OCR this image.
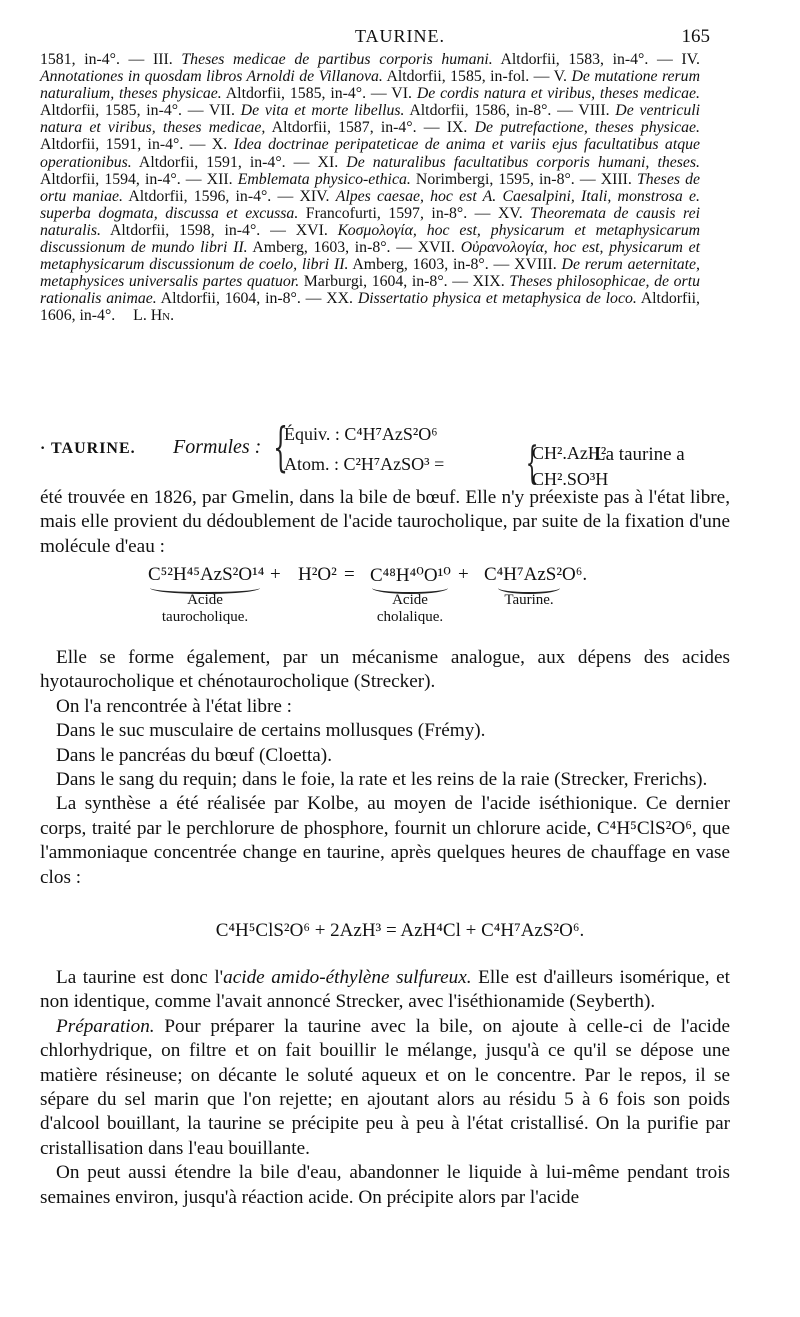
TAURINE.	165
1581, in-4°. — III. Theses medicae de partibus corporis humani. Altdorfii, 1583, in-4°. — IV. Annotationes in quosdam libros Arnoldi de Villanova. Altdorfii, 1585, in-fol. — V. De mutatione rerum naturalium, theses physicae. Altdorfii, 1585, in-4°. — VI. De cordis natura et viribus, theses medicae. Altdorfii, 1585, in-4°. — VII. De vita et morte libellus. Altdorfii, 1586, in-8°. — VIII. De ventriculi natura et viribus, theses medicae, Altdorfii, 1587, in-4°. — IX. De putrefactione, theses physicae. Altdorfii, 1591, in-4°. — X. Idea doctrinae peripateticae de anima et variis ejus facultatibus atque operationibus. Altdorfii, 1591, in-4°. — XI. De naturalibus facultatibus corporis humani, theses. Altdorfii, 1594, in-4°. — XII. Emblemata physico-ethica. Norimbergi, 1595, in-8°. — XIII. Theses de ortu maniae. Altdorfii, 1596, in-4°. — XIV. Alpes caesae, hoc est A. Caesalpini, Itali, monstrosa e. superba dogmata, discussa et excussa. Francofurti, 1597, in-8°. — XV. Theoremata de causis rei naturalis. Altdorfii, 1598, in-4°. — XVI. Κοσμολογία, hoc est, physicarum et metaphysicarum discussionum de mundo libri II. Amberg, 1603, in-8°. — XVII. Οὐρανολογία, hoc est, physicarum et metaphysicarum discussionum de coelo, libri II. Amberg, 1603, in-8°. — XVIII. De rerum aeternitate, metaphysices universalis partes quatuor. Marburgi, 1604, in-8°. — XIX. Theses philosophicae, de ortu rationalis animae. Altdorfii, 1604, in-8°. — XX. Dissertatio physica et metaphysica de loco. Altdorfii, 1606, in-4°. L. Hn.
· TAURINE. Formules : {
Équiv. : C⁴H⁷AzS²O⁶
Atom. : C²H⁷AzSO³ = {
CH².AzH²
CH².SO³H
La taurine a

été trouvée en 1826, par Gmelin, dans la bile de bœuf. Elle n'y préexiste pas à l'état libre, mais elle provient du dédoublement de l'acide taurocholique, par suite de la fixation d'une molécule d'eau :

C⁵²H⁴⁵AzS²O¹⁴ + H²O² = C⁴⁸H⁴⁰O¹⁰ + C⁴H⁷AzS²O⁶.
Acide
taurocholique.
Acide
cholalique.
Taurine.

Elle se forme également, par un mécanisme analogue, aux dépens des acides hyotaurocholique et chénotaurocholique (Strecker).

On l'a rencontrée à l'état libre :

Dans le suc musculaire de certains mollusques (Frémy).

Dans le pancréas du bœuf (Cloetta).

Dans le sang du requin; dans le foie, la rate et les reins de la raie (Strecker, Frerichs).

La synthèse a été réalisée par Kolbe, au moyen de l'acide iséthionique. Ce dernier corps, traité par le perchlorure de phosphore, fournit un chlorure acide, C⁴H⁵ClS²O⁶, que l'ammoniaque concentrée change en taurine, après quelques heures de chauffage en vase clos :

C⁴H⁵ClS²O⁶ + 2AzH³ = AzH⁴Cl + C⁴H⁷AzS²O⁶.

La taurine est donc l'acide amido-éthylène sulfureux. Elle est d'ailleurs isomérique, et non identique, comme l'avait annoncé Strecker, avec l'iséthionamide (Seyberth).

Préparation. Pour préparer la taurine avec la bile, on ajoute à celle-ci de l'acide chlorhydrique, on filtre et on fait bouillir le mélange, jusqu'à ce qu'il se dépose une matière résineuse; on décante le soluté aqueux et on le concentre. Par le repos, il se sépare du sel marin que l'on rejette; en ajoutant alors au résidu 5 à 6 fois son poids d'alcool bouillant, la taurine se précipite peu à peu à l'état cristallisé. On la purifie par cristallisation dans l'eau bouillante.

On peut aussi étendre la bile d'eau, abandonner le liquide à lui-même pendant trois semaines environ, jusqu'à réaction acide. On précipite alors par l'acide
